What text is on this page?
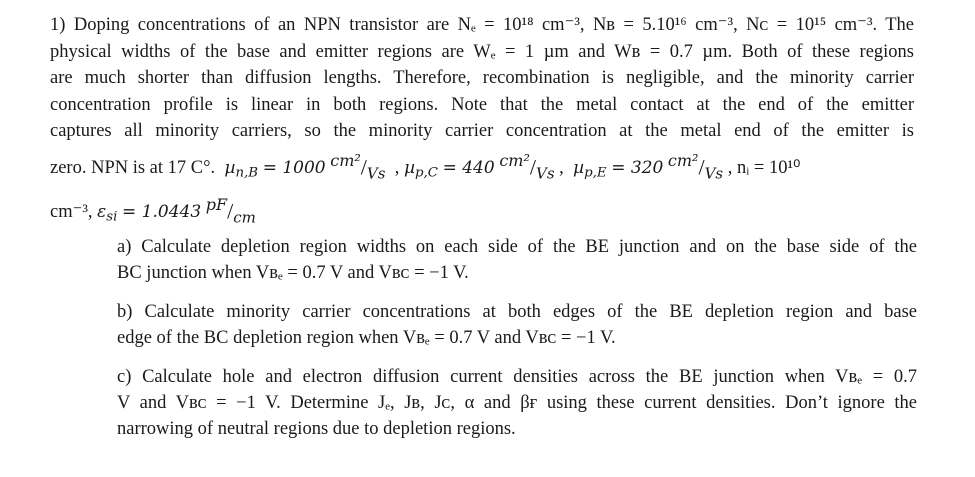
1) Doping concentrations of an NPN transistor are Nₑ = 10¹⁸ cm⁻³, Nʙ = 5.10¹⁶ cm⁻³, Nᴄ = 10¹⁵ cm⁻³. The
physical widths of the base and emitter regions are Wₑ = 1 µm and Wʙ = 0.7 µm. Both of these regions
are much shorter than diffusion lengths. Therefore, recombination is negligible, and the minority carrier
concentration profile is linear in both regions. Note that the metal contact at the end of the emitter
captures all minority carriers, so the minority carrier concentration at the metal end of the emitter is
zero. NPN is at 17 C°. µ$_{n,B}$ = 1000 cm²/$_{Vs}$ , µ$_{p,C}$ = 440 cm²/$_{Vs}$ , µ$_{p,E}$ = 320 cm²/$_{Vs}$ , nᵢ = 10¹⁰
cm⁻³, $\varepsilon_{si} = 1.0443$ $pF/_{cm}$
a) Calculate depletion region widths on each side of the BE junction and on the base side of the
BC junction when Vʙₑ = 0.7 V and Vʙᴄ = −1 V.
b) Calculate minority carrier concentrations at both edges of the BE depletion region and base
edge of the BC depletion region when Vʙₑ = 0.7 V and Vʙᴄ = −1 V.
c) Calculate hole and electron diffusion current densities across the BE junction when Vʙₑ = 0.7
V and Vʙᴄ = −1 V. Determine Jₑ, Jʙ, Jᴄ, α and βғ using these current densities. Don’t ignore the
narrowing of neutral regions due to depletion regions.
